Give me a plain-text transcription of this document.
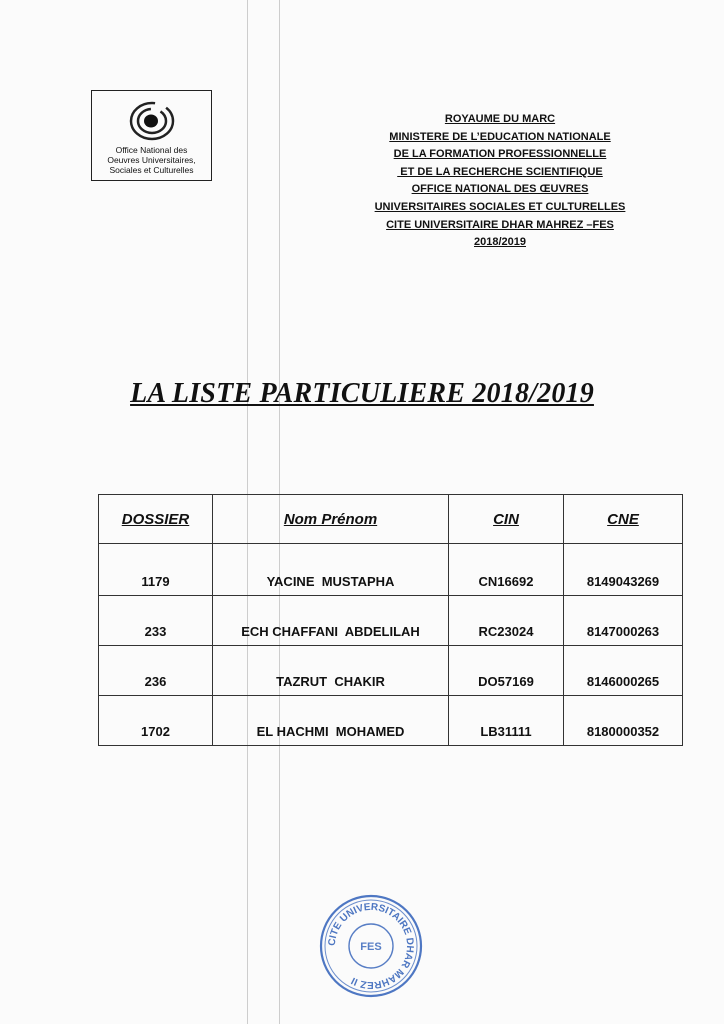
Office National des
Oeuvres Universitaires,
Sociales et Culturelles
ROYAUME DU MARC
MINISTERE DE L’EDUCATION NATIONALE
DE LA FORMATION PROFESSIONNELLE
ET DE LA RECHERCHE SCIENTIFIQUE
OFFICE NATIONAL DES ŒUVRES
UNIVERSITAIRES SOCIALES ET CULTURELLES
CITE UNIVERSITAIRE DHAR MAHREZ –FES
2018/2019
LA LISTE PARTICULIERE 2018/2019
DOSSIER	Nom Prénom	CIN	CNE
1179	YACINE  MUSTAPHA	CN16692	8149043269
233	ECH CHAFFANI  ABDELILAH	RC23024	8147000263
236	TAZRUT  CHAKIR	DO57169	8146000265
1702	EL HACHMI  MOHAMED	LB31111	8180000352
CITE UNIVERSITAIRE DHAR MAHREZ II
FES
